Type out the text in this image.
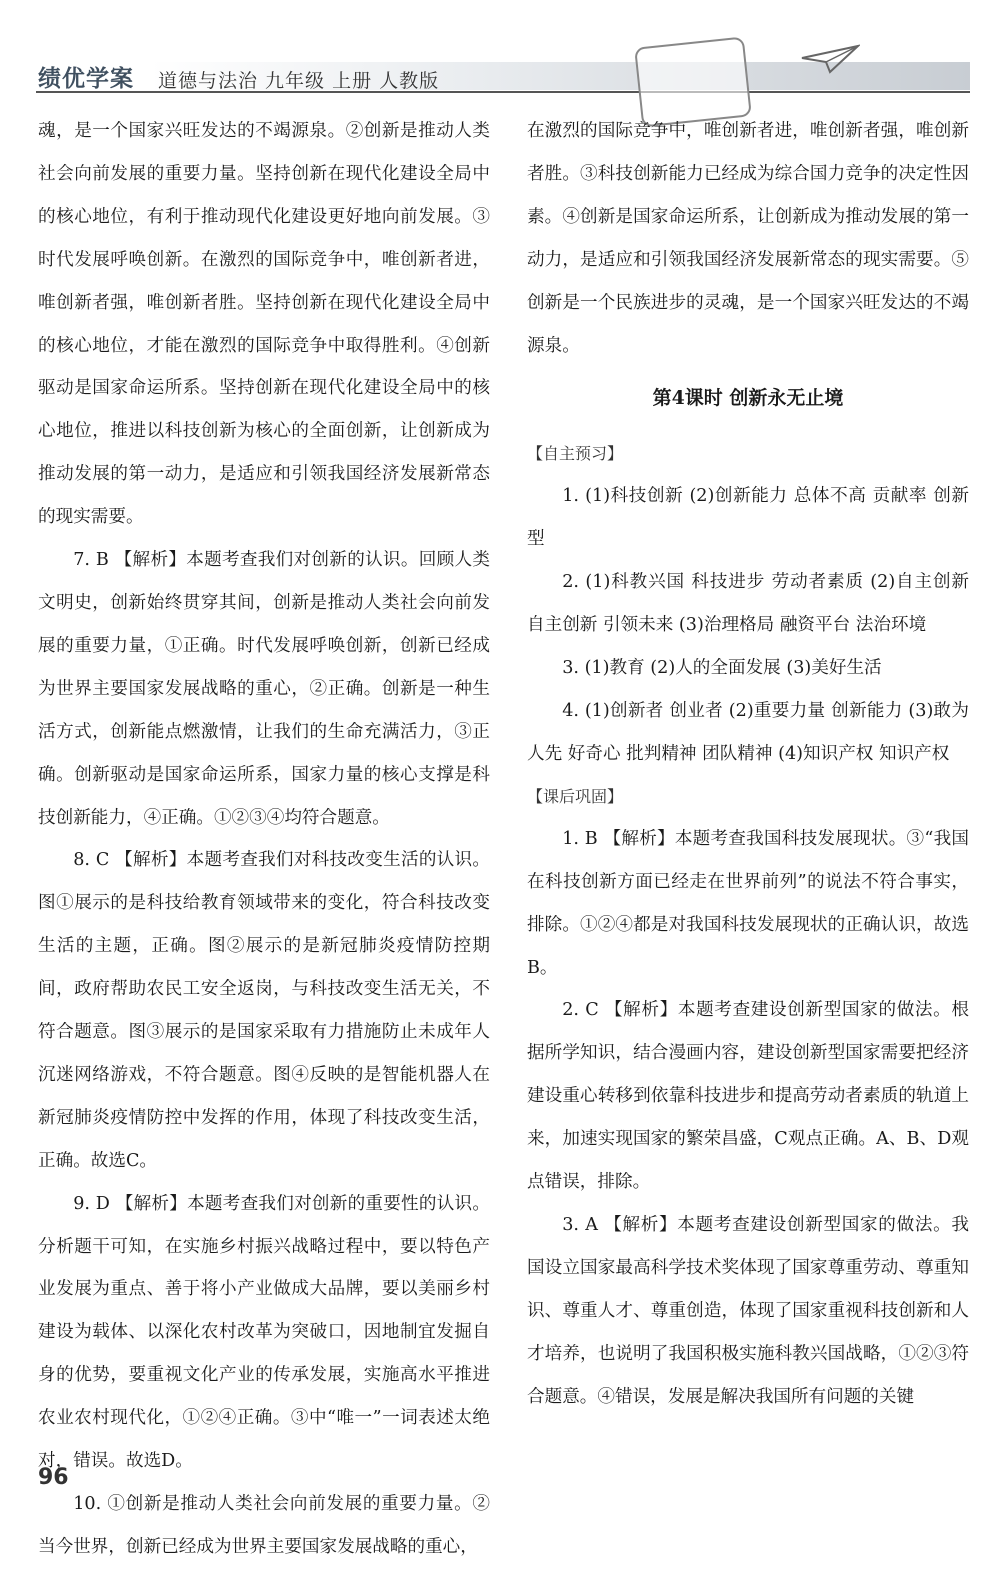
绩优学案 道德与法治 九年级 上册 人教版

魂，是一个国家兴旺发达的不竭源泉。②创新是推动人类社会向前发展的重要力量。坚持创新在现代化建设全局中的核心地位，有利于推动现代化建设更好地向前发展。③时代发展呼唤创新。在激烈的国际竞争中，唯创新者进，唯创新者强，唯创新者胜。坚持创新在现代化建设全局中的核心地位，才能在激烈的国际竞争中取得胜利。④创新驱动是国家命运所系。坚持创新在现代化建设全局中的核心地位，推进以科技创新为核心的全面创新，让创新成为推动发展的第一动力，是适应和引领我国经济发展新常态的现实需要。

7. B 【解析】本题考查我们对创新的认识。回顾人类文明史，创新始终贯穿其间，创新是推动人类社会向前发展的重要力量，①正确。时代发展呼唤创新，创新已经成为世界主要国家发展战略的重心，②正确。创新是一种生活方式，创新能点燃激情，让我们的生命充满活力，③正确。创新驱动是国家命运所系，国家力量的核心支撑是科技创新能力，④正确。①②③④均符合题意。

8. C 【解析】本题考查我们对科技改变生活的认识。图①展示的是科技给教育领域带来的变化，符合科技改变生活的主题，正确。图②展示的是新冠肺炎疫情防控期间，政府帮助农民工安全返岗，与科技改变生活无关，不符合题意。图③展示的是国家采取有力措施防止未成年人沉迷网络游戏，不符合题意。图④反映的是智能机器人在新冠肺炎疫情防控中发挥的作用，体现了科技改变生活，正确。故选C。

9. D 【解析】本题考查我们对创新的重要性的认识。分析题干可知，在实施乡村振兴战略过程中，要以特色产业发展为重点、善于将小产业做成大品牌，要以美丽乡村建设为载体、以深化农村改革为突破口，因地制宜发掘自身的优势，要重视文化产业的传承发展，实施高水平推进农业农村现代化，①②④正确。③中“唯一”一词表述太绝对，错误。故选D。

10. ①创新是推动人类社会向前发展的重要力量。②当今世界，创新已经成为世界主要国家发展战略的重心，

在激烈的国际竞争中，唯创新者进，唯创新者强，唯创新者胜。③科技创新能力已经成为综合国力竞争的决定性因素。④创新是国家命运所系，让创新成为推动发展的第一动力，是适应和引领我国经济发展新常态的现实需要。⑤创新是一个民族进步的灵魂，是一个国家兴旺发达的不竭源泉。

第4课时 创新永无止境
【自主预习】

1. (1)科技创新 (2)创新能力 总体不高 贡献率 创新型

2. (1)科教兴国 科技进步 劳动者素质 (2)自主创新 自主创新 引领未来 (3)治理格局 融资平台 法治环境

3. (1)教育 (2)人的全面发展 (3)美好生活

4. (1)创新者 创业者 (2)重要力量 创新能力 (3)敢为人先 好奇心 批判精神 团队精神 (4)知识产权 知识产权

【课后巩固】

1. B 【解析】本题考查我国科技发展现状。③“我国在科技创新方面已经走在世界前列”的说法不符合事实，排除。①②④都是对我国科技发展现状的正确认识，故选B。

2. C 【解析】本题考查建设创新型国家的做法。根据所学知识，结合漫画内容，建设创新型国家需要把经济建设重心转移到依靠科技进步和提高劳动者素质的轨道上来，加速实现国家的繁荣昌盛，C观点正确。A、B、D观点错误，排除。

3. A 【解析】本题考查建设创新型国家的做法。我国设立国家最高科学技术奖体现了国家尊重劳动、尊重知识、尊重人才、尊重创造，体现了国家重视科技创新和人才培养，也说明了我国积极实施科教兴国战略，①②③符合题意。④错误，发展是解决我国所有问题的关键

96
